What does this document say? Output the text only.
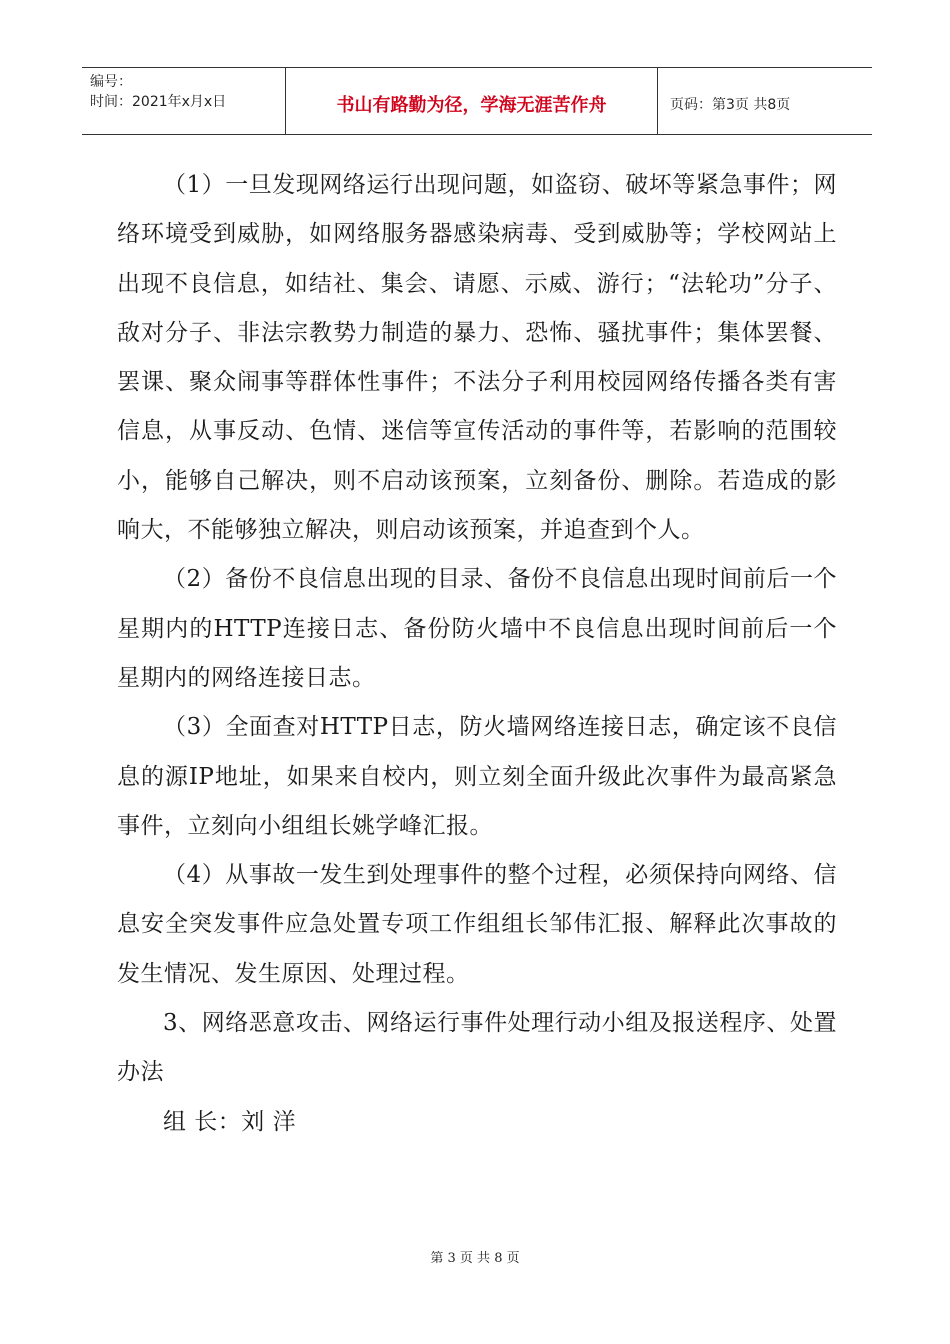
编号：
时间：2021年x月x日	书山有路勤为径，学海无涯苦作舟	页码：第3页 共8页

（1）一旦发现网络运行出现问题，如盗窃、破坏等紧急事件；网络环境受到威胁，如网络服务器感染病毒、受到威胁等；学校网站上出现不良信息，如结社、集会、请愿、示威、游行；“法轮功”分子、敌对分子、非法宗教势力制造的暴力、恐怖、骚扰事件；集体罢餐、罢课、聚众闹事等群体性事件；不法分子利用校园网络传播各类有害信息，从事反动、色情、迷信等宣传活动的事件等，若影响的范围较小，能够自己解决，则不启动该预案，立刻备份、删除。若造成的影响大，不能够独立解决，则启动该预案，并追查到个人。

（2）备份不良信息出现的目录、备份不良信息出现时间前后一个星期内的HTTP连接日志、备份防火墙中不良信息出现时间前后一个星期内的网络连接日志。

（3）全面查对HTTP日志，防火墙网络连接日志，确定该不良信息的源IP地址，如果来自校内，则立刻全面升级此次事件为最高紧急事件，立刻向小组组长姚学峰汇报。

（4）从事故一发生到处理事件的整个过程，必须保持向网络、信息安全突发事件应急处置专项工作组组长邹伟汇报、解释此次事故的发生情况、发生原因、处理过程。

3、网络恶意攻击、网络运行事件处理行动小组及报送程序、处置办法

组 长：刘 洋

第 3 页 共 8 页
